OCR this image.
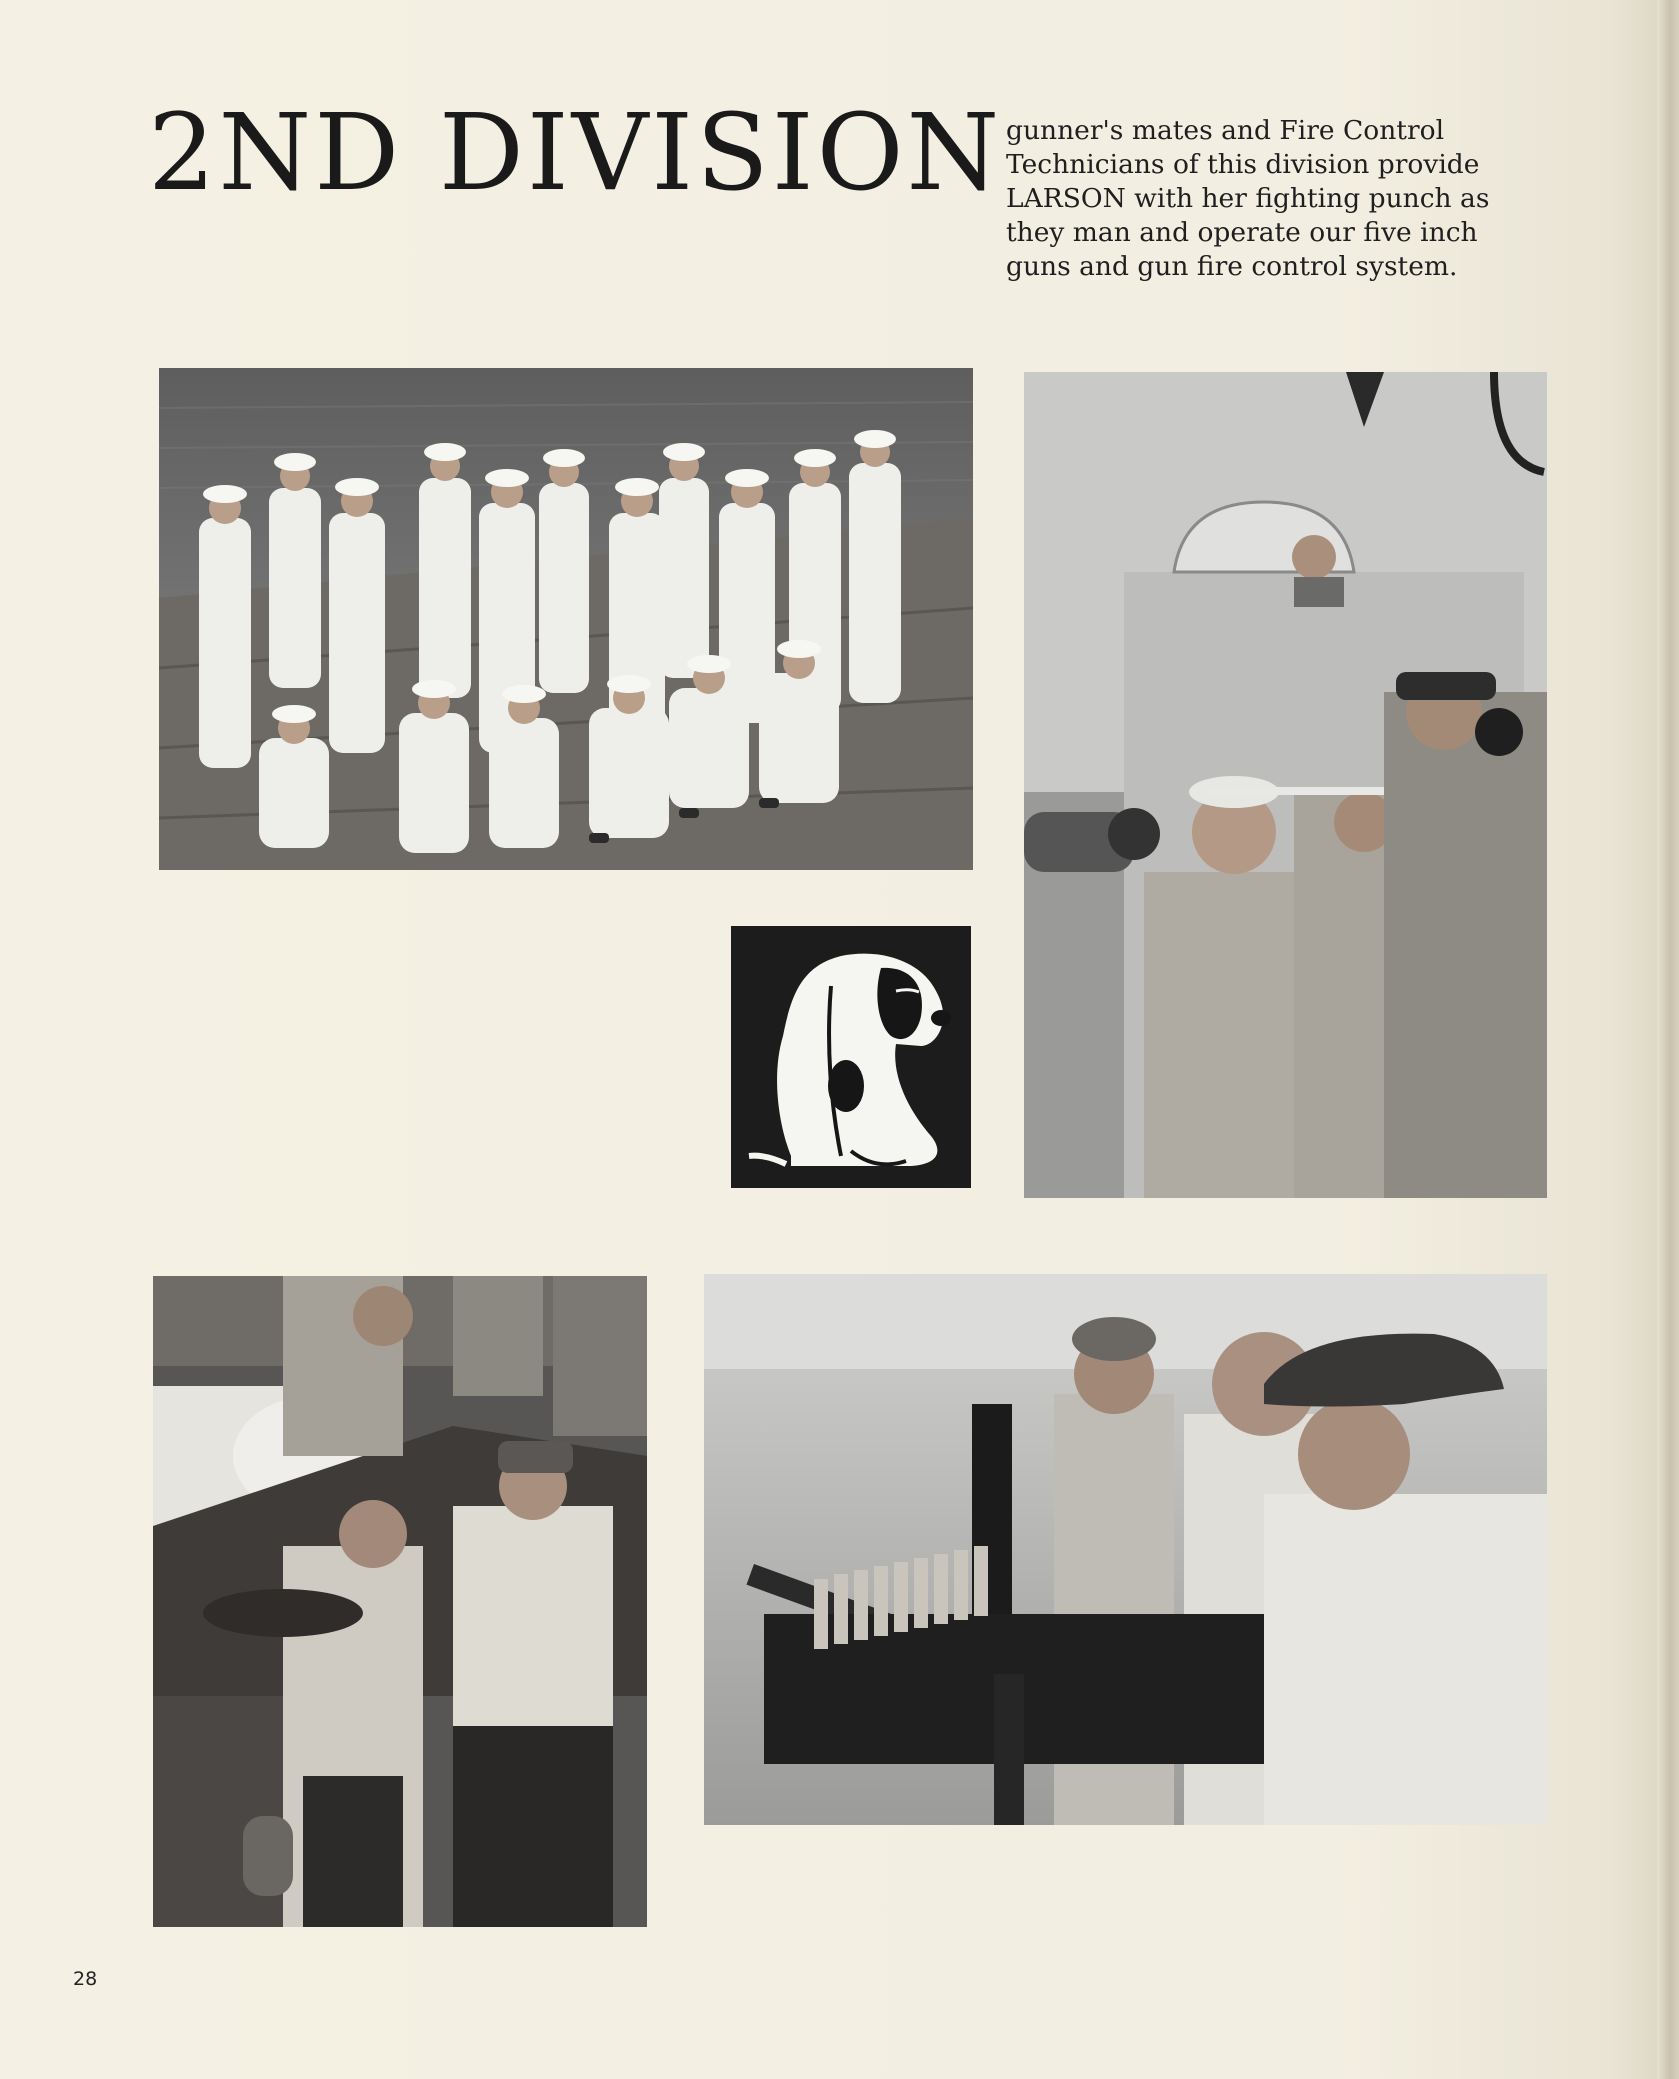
2ND DIVISION gunner's mates and Fire Control
Technicians of this division provide
LARSON with her fighting punch as
they man and operate our five inch
guns and gun fire control system.
28
